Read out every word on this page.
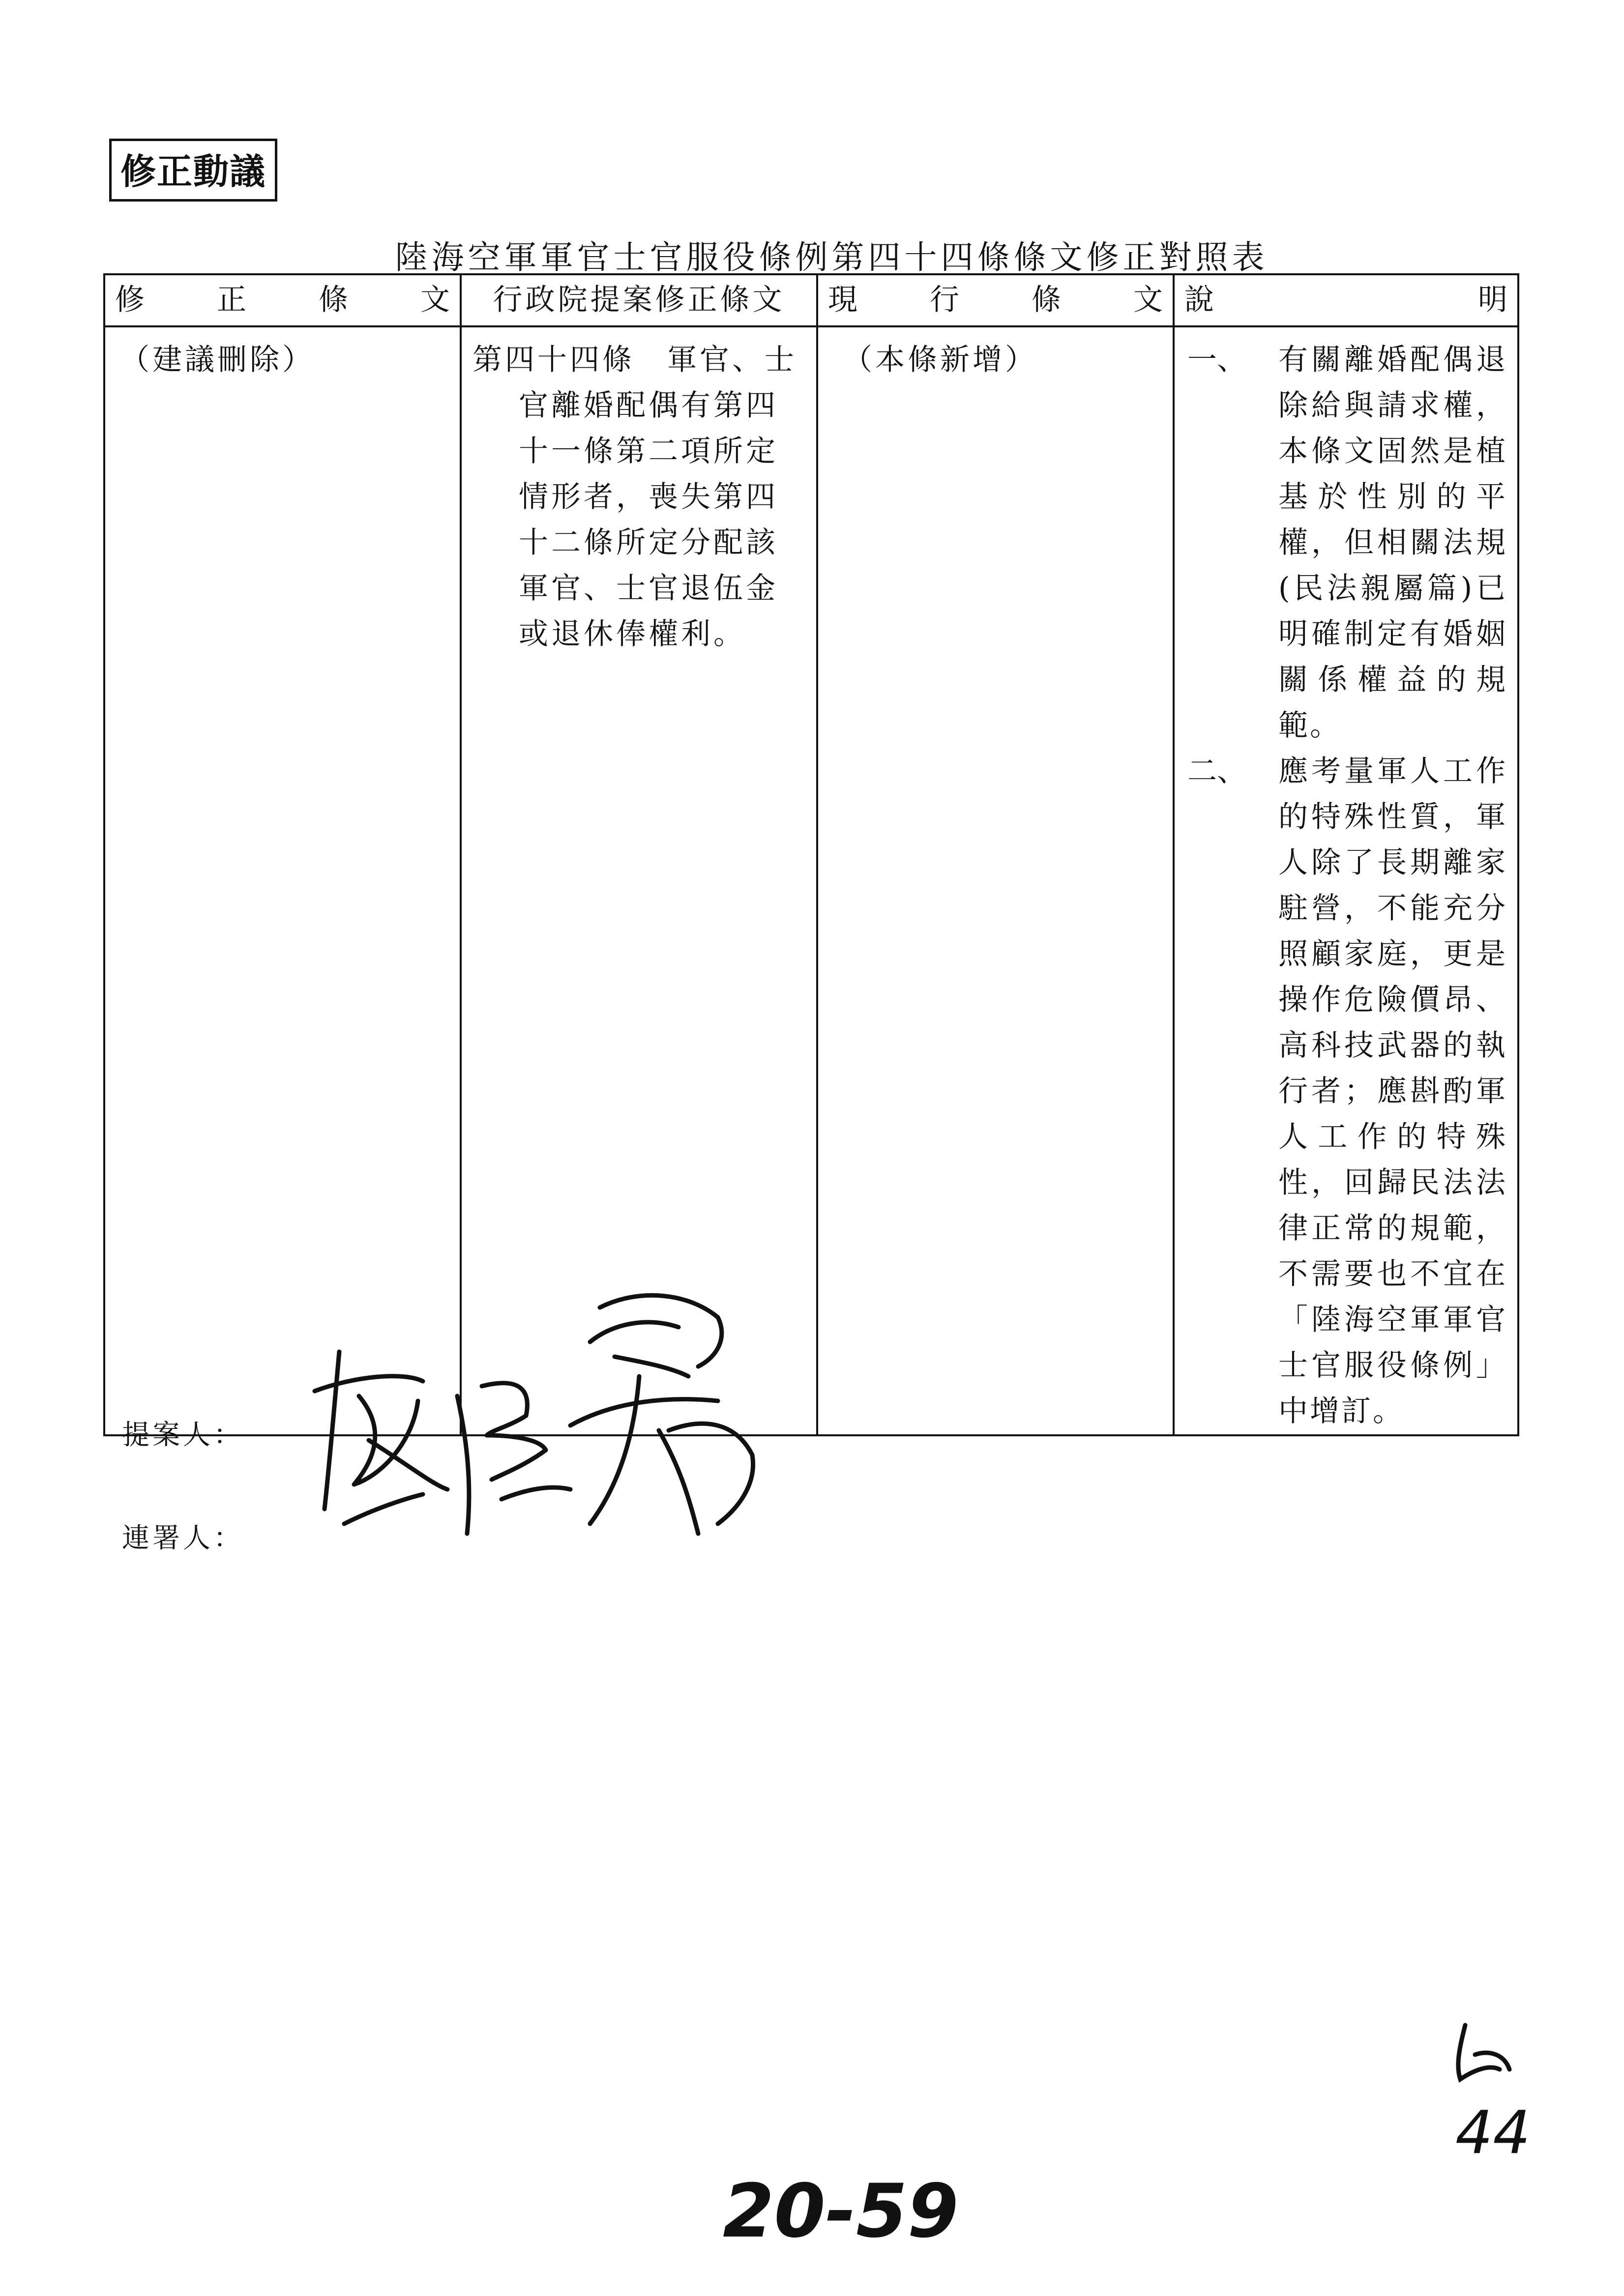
修正動議
陸海空軍軍官士官服役條例第四十四條條文修正對照表
修 正 條 文	行政院提案修正條文	現 行 條 文	說 明

（建議刪除）	第四十四條　軍官、士官離婚配偶有第四十一條第二項所定情形者，喪失第四十二條所定分配該軍官、士官退伍金或退休俸權利。	（本條新增）	一、 有關離婚配偶退除給與請求權，本條文固然是植基於性別的平權，但相關法規(民法親屬篇)已明確制定有婚姻關係權益的規範。
二、 應考量軍人工作的特殊性質，軍人除了長期離家駐營，不能充分照顧家庭，更是操作危險價昂、高科技武器的執行者；應斟酌軍人工作的特殊性，回歸民法法律正常的規範，不需要也不宜在「陸海空軍軍官士官服役條例」中增訂。
提案人：
連署人：
20-59
44
